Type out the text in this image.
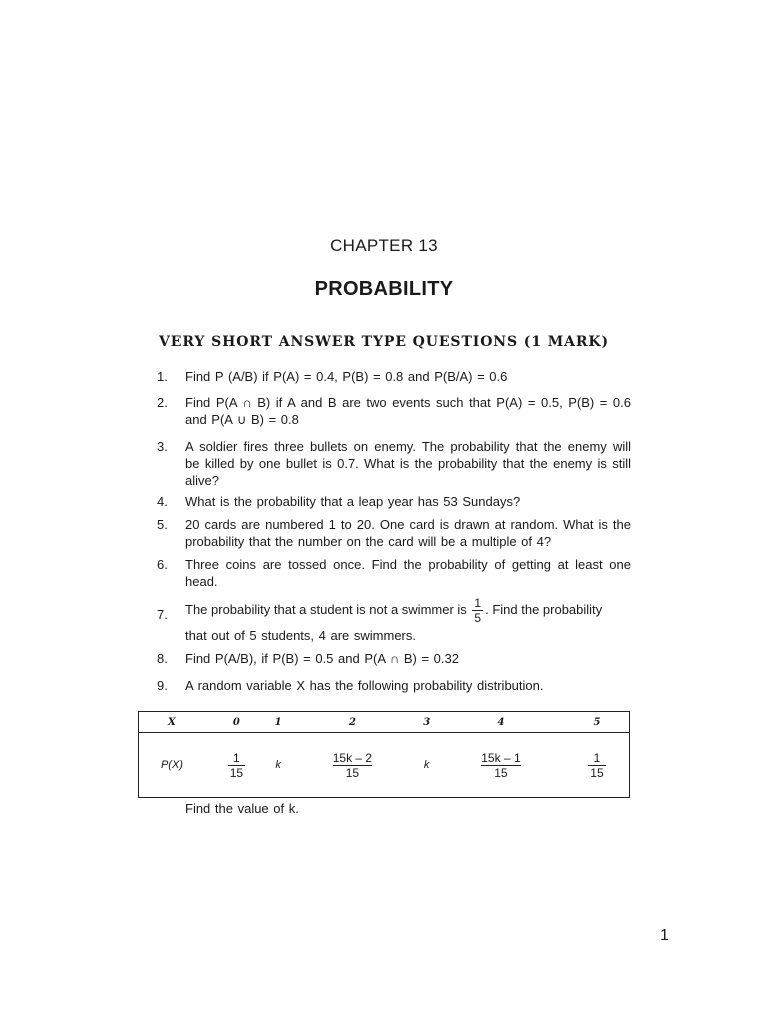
CHAPTER 13
PROBABILITY
VERY SHORT ANSWER TYPE QUESTIONS (1 MARK)
1. Find P (A/B) if P(A) = 0.4, P(B) = 0.8 and P(B/A) = 0.6
2. Find P(A ∩ B) if A and B are two events such that P(A) = 0.5, P(B) = 0.6 and P(A ∪ B) = 0.8
3. A soldier fires three bullets on enemy. The probability that the enemy will be killed by one bullet is 0.7. What is the probability that the enemy is still alive?
4. What is the probability that a leap year has 53 Sundays?
5. 20 cards are numbered 1 to 20. One card is drawn at random. What is the probability that the number on the card will be a multiple of 4?
6. Three coins are tossed once. Find the probability of getting at least one head.
7. The probability that a student is not a swimmer is $\frac{1}{5}$ . Find the probability
that out of 5 students, 4 are swimmers.
8. Find P(A/B), if P(B) = 0.5 and P(A ∩ B) = 0.32
9. A random variable X has the following probability distribution.
X	0	1	2	3	4	5
P(X)	$\frac{1}{15}$	k	$\frac{15k - 2}{15}$	k	$\frac{15k - 1}{15}$	$\frac{1}{15}$
Find the value of k.
1
